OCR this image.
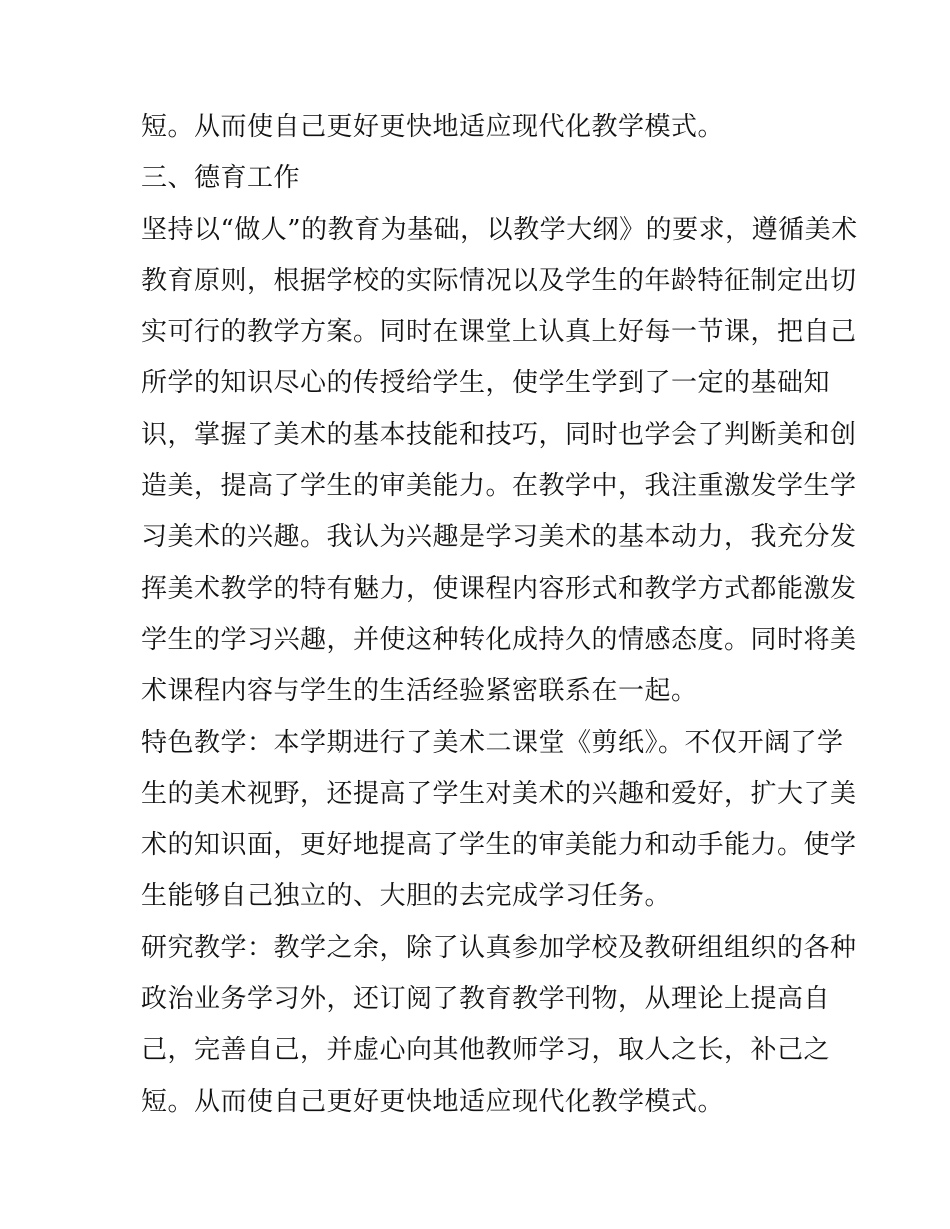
短。从而使自己更好更快地适应现代化教学模式。
三、德育工作
坚持以“做人”的教育为基础，以教学大纲》的要求，遵循美术
教育原则，根据学校的实际情况以及学生的年龄特征制定出切
实可行的教学方案。同时在课堂上认真上好每一节课，把自己
所学的知识尽心的传授给学生，使学生学到了一定的基础知
识，掌握了美术的基本技能和技巧，同时也学会了判断美和创
造美，提高了学生的审美能力。在教学中，我注重激发学生学
习美术的兴趣。我认为兴趣是学习美术的基本动力，我充分发
挥美术教学的特有魅力，使课程内容形式和教学方式都能激发
学生的学习兴趣，并使这种转化成持久的情感态度。同时将美
术课程内容与学生的生活经验紧密联系在一起。
特色教学：本学期进行了美术二课堂《剪纸》。不仅开阔了学
生的美术视野，还提高了学生对美术的兴趣和爱好，扩大了美
术的知识面，更好地提高了学生的审美能力和动手能力。使学
生能够自己独立的、大胆的去完成学习任务。
研究教学：教学之余，除了认真参加学校及教研组组织的各种
政治业务学习外，还订阅了教育教学刊物，从理论上提高自
己，完善自己，并虚心向其他教师学习，取人之长，补己之
短。从而使自己更好更快地适应现代化教学模式。
